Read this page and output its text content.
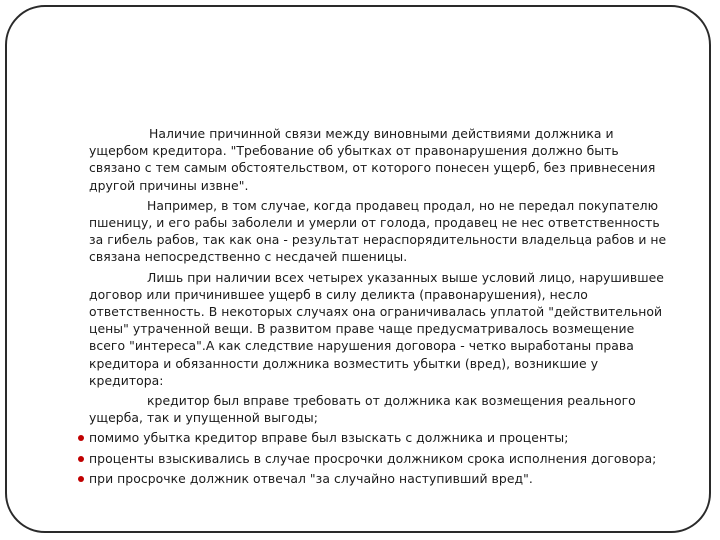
Наличие причинной связи между виновными действиями должника и ущербом кредитора. "Требование об убытках от правонарушения должно быть связано с тем самым обстоятельством, от которого понесен ущерб, без привнесения другой причины извне".

Например, в том случае, когда продавец продал, но не передал покупателю пшеницу, и его рабы заболели и умерли от голода, продавец не нес ответственность за гибель рабов, так как она - результат нераспорядительности владельца рабов и не связана непосредственно с несдачей пшеницы.

Лишь при наличии всех четырех указанных выше условий лицо, нарушившее договор или причинившее ущерб в силу деликта (правонарушения), несло ответственность. В некоторых случаях она ограничивалась уплатой "действительной цены" утраченной вещи. В развитом праве чаще предусматривалось возмещение всего "интереса".А как следствие нарушения договора - четко выработаны права кредитора и обязанности должника возместить убытки (вред), возникшие у кредитора:

кредитор был вправе требовать от должника как возмещения реального ущерба, так и упущенной выгоды;

помимо убытка кредитор вправе был взыскать с должника и проценты;
проценты взыскивались в случае просрочки должником срока исполнения договора;
при просрочке должник отвечал "за случайно наступивший вред".
